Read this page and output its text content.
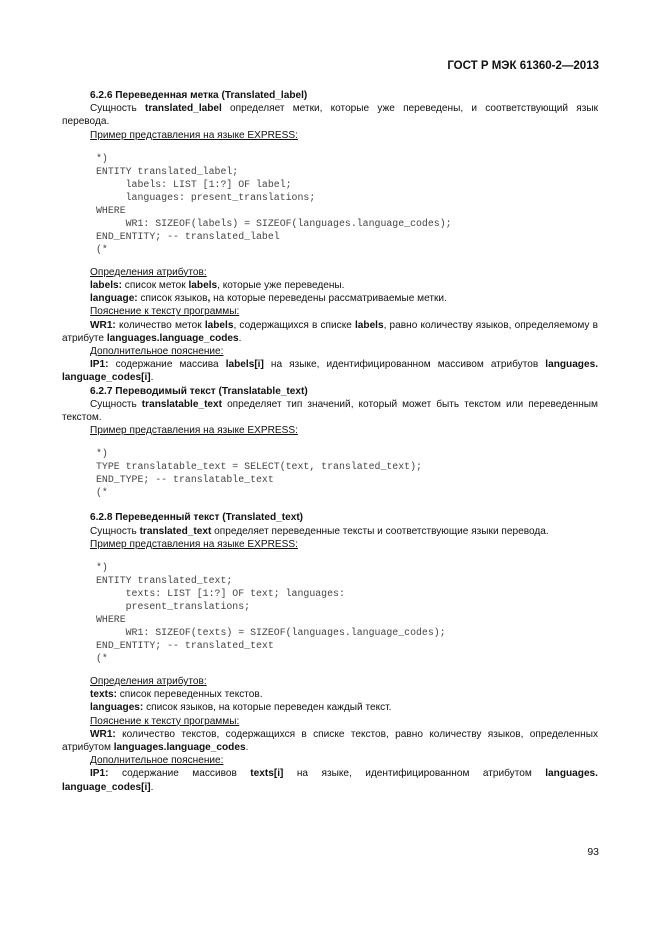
ГОСТ Р МЭК 61360-2—2013

6.2.6 Переведенная метка (Translated_label)

Сущность translated_label определяет метки, которые уже переведены, и соответствующий язык перевода.

Пример представления на языке EXPRESS:

*)
ENTITY translated_label;
labels: LIST [1:?] OF label;
languages: present_translations;
WHERE
WR1: SIZEOF(labels) = SIZEOF(languages.language_codes);
END_ENTITY; -- translated_label
(*

Определения атрибутов:

labels: список меток labels, которые уже переведены.

language: список языков, на которые переведены рассматриваемые метки.

Пояснение к тексту программы:

WR1: количество меток labels, содержащихся в списке labels, равно количеству языков, определяемому в атрибуте languages.language_codes.

Дополнительное пояснение:

IP1: содержание массива labels[i] на языке, идентифицированном массивом атрибутов languages. language_codes[i].

6.2.7 Переводимый текст (Translatable_text)

Сущность translatable_text определяет тип значений, который может быть текстом или переведенным текстом.

Пример представления на языке EXPRESS:

*)
TYPE translatable_text = SELECT(text, translated_text);
END_TYPE; -- translatable_text
(*

6.2.8 Переведенный текст (Translated_text)

Сущность translated_text определяет переведенные тексты и соответствующие языки перевода.

Пример представления на языке EXPRESS:

*)
ENTITY translated_text;
texts: LIST [1:?] OF text; languages:
present_translations;
WHERE
WR1: SIZEOF(texts) = SIZEOF(languages.language_codes);
END_ENTITY; -- translated_text
(*

Определения атрибутов:

texts: список переведенных текстов.

languages: список языков, на которые переведен каждый текст.

Пояснение к тексту программы:

WR1: количество текстов, содержащихся в списке текстов, равно количеству языков, определенных атрибутом languages.language_codes.

Дополнительное пояснение:

IP1: содержание массивов texts[i] на языке, идентифицированном атрибутом languages. language_codes[i].

93
